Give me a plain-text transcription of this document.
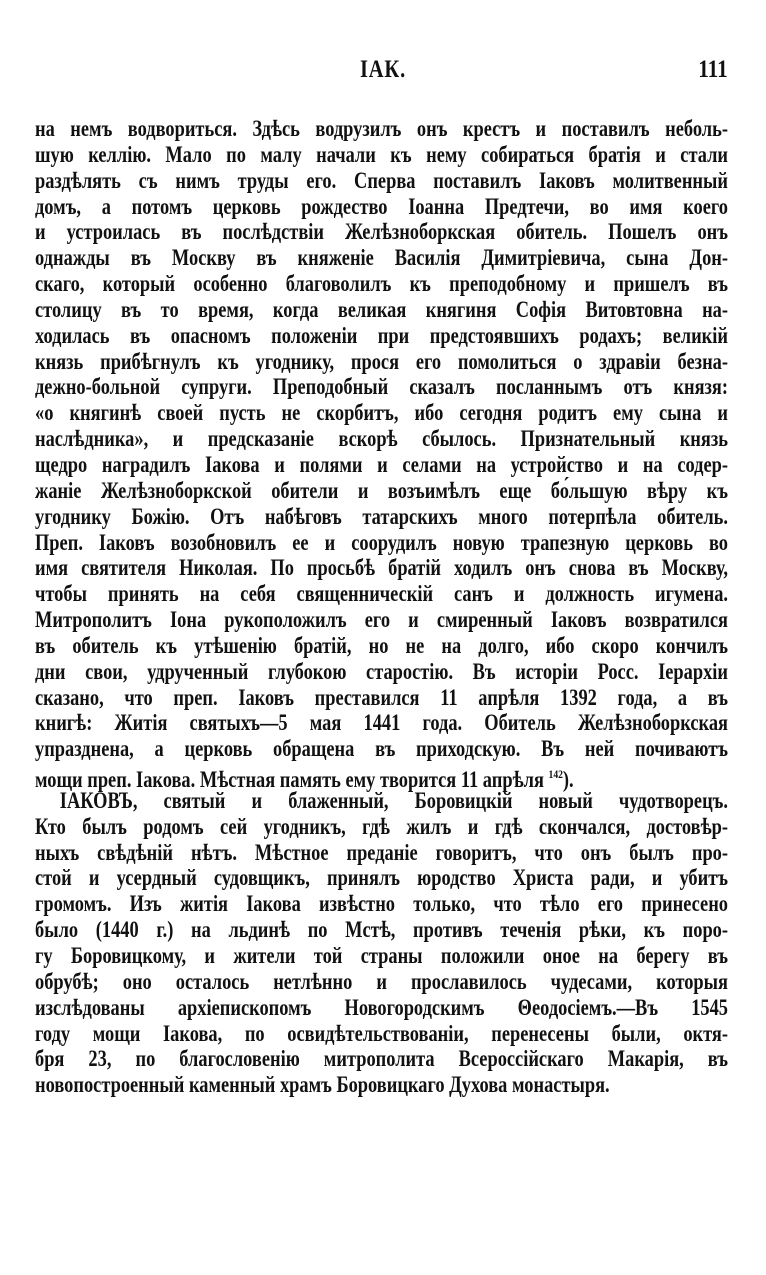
IАК.	111
на немъ водвориться. Здѣсь водрузилъ онъ крестъ и поставилъ неболь-
шую келлію. Мало по малу начали къ нему собираться братія и стали
раздѣлять съ нимъ труды его. Сперва поставилъ Іаковъ молитвенный
домъ, а потомъ церковь рождество Іоанна Предтечи, во имя коего
и устроилась въ послѣдствіи Желѣзноборкская обитель. Пошелъ онъ
однажды въ Москву въ княженіе Василія Димитріевича, сына Дон-
скаго, который особенно благоволилъ къ преподобному и пришелъ въ
столицу въ то время, когда великая княгиня Софія Витовтовна на-
ходилась въ опасномъ положеніи при предстоявшихъ родахъ; великій
князь прибѣгнулъ къ угоднику, прося его помолиться о здравіи безна-
дежно-больной супруги. Преподобный сказалъ посланнымъ отъ князя:
«о княгинѣ своей пусть не скорбитъ, ибо сегодня родитъ ему сына и
наслѣдника», и предсказаніе вскорѣ сбылось. Признательный князь
щедро наградилъ Іакова и полями и селами на устройство и на содер-
жаніе Желѣзноборкской обители и возъимѣлъ еще бо́льшую вѣру къ
угоднику Божію. Отъ набѣговъ татарскихъ много потерпѣла обитель.
Преп. Іаковъ возобновилъ ее и соорудилъ новую трапезную церковь во
имя святителя Николая. По просьбѣ братій ходилъ онъ снова въ Москву,
чтобы принять на себя священническій санъ и должность игумена.
Митрополитъ Іона рукоположилъ его и смиренный Іаковъ возвратился
въ обитель къ утѣшенію братій, но не на долго, ибо скоро кончилъ
дни свои, удрученный глубокою старостію. Въ исторіи Росс. Іерархіи
сказано, что преп. Іаковъ преставился 11 апрѣля 1392 года, а въ
книгѣ: Житія святыхъ—5 мая 1441 года. Обитель Желѣзноборкская
упразднена, а церковь обращена въ приходскую. Въ ней почиваютъ
мощи преп. Іакова. Мѣстная память ему творится 11 апрѣля $^{142}$).
ІАКОВЪ, святый и блаженный, Боровицкій новый чудотворецъ.
Кто былъ родомъ сей угодникъ, гдѣ жилъ и гдѣ скончался, достовѣр-
ныхъ свѣдѣній нѣтъ. Мѣстное преданіе говоритъ, что онъ былъ про-
стой и усердный судовщикъ, принялъ юродство Христа ради, и убитъ
громомъ. Изъ житія Іакова извѣстно только, что тѣло его принесено
было (1440 г.) на льдинѣ по Мстѣ, противъ теченія рѣки, къ поро-
гу Боровицкому, и жители той страны положили оное на берегу въ
обрубѣ; оно осталось нетлѣнно и прославилось чудесами, которыя
изслѣдованы архіепископомъ Новогородскимъ Θеодосіемъ.—Въ 1545
году мощи Іакова, по освидѣтельствованіи, перенесены были, октя-
бря 23, по благословенію митрополита Всероссійскаго Макарія, въ
новопостроенный каменный храмъ Боровицкаго Духова монастыря.
